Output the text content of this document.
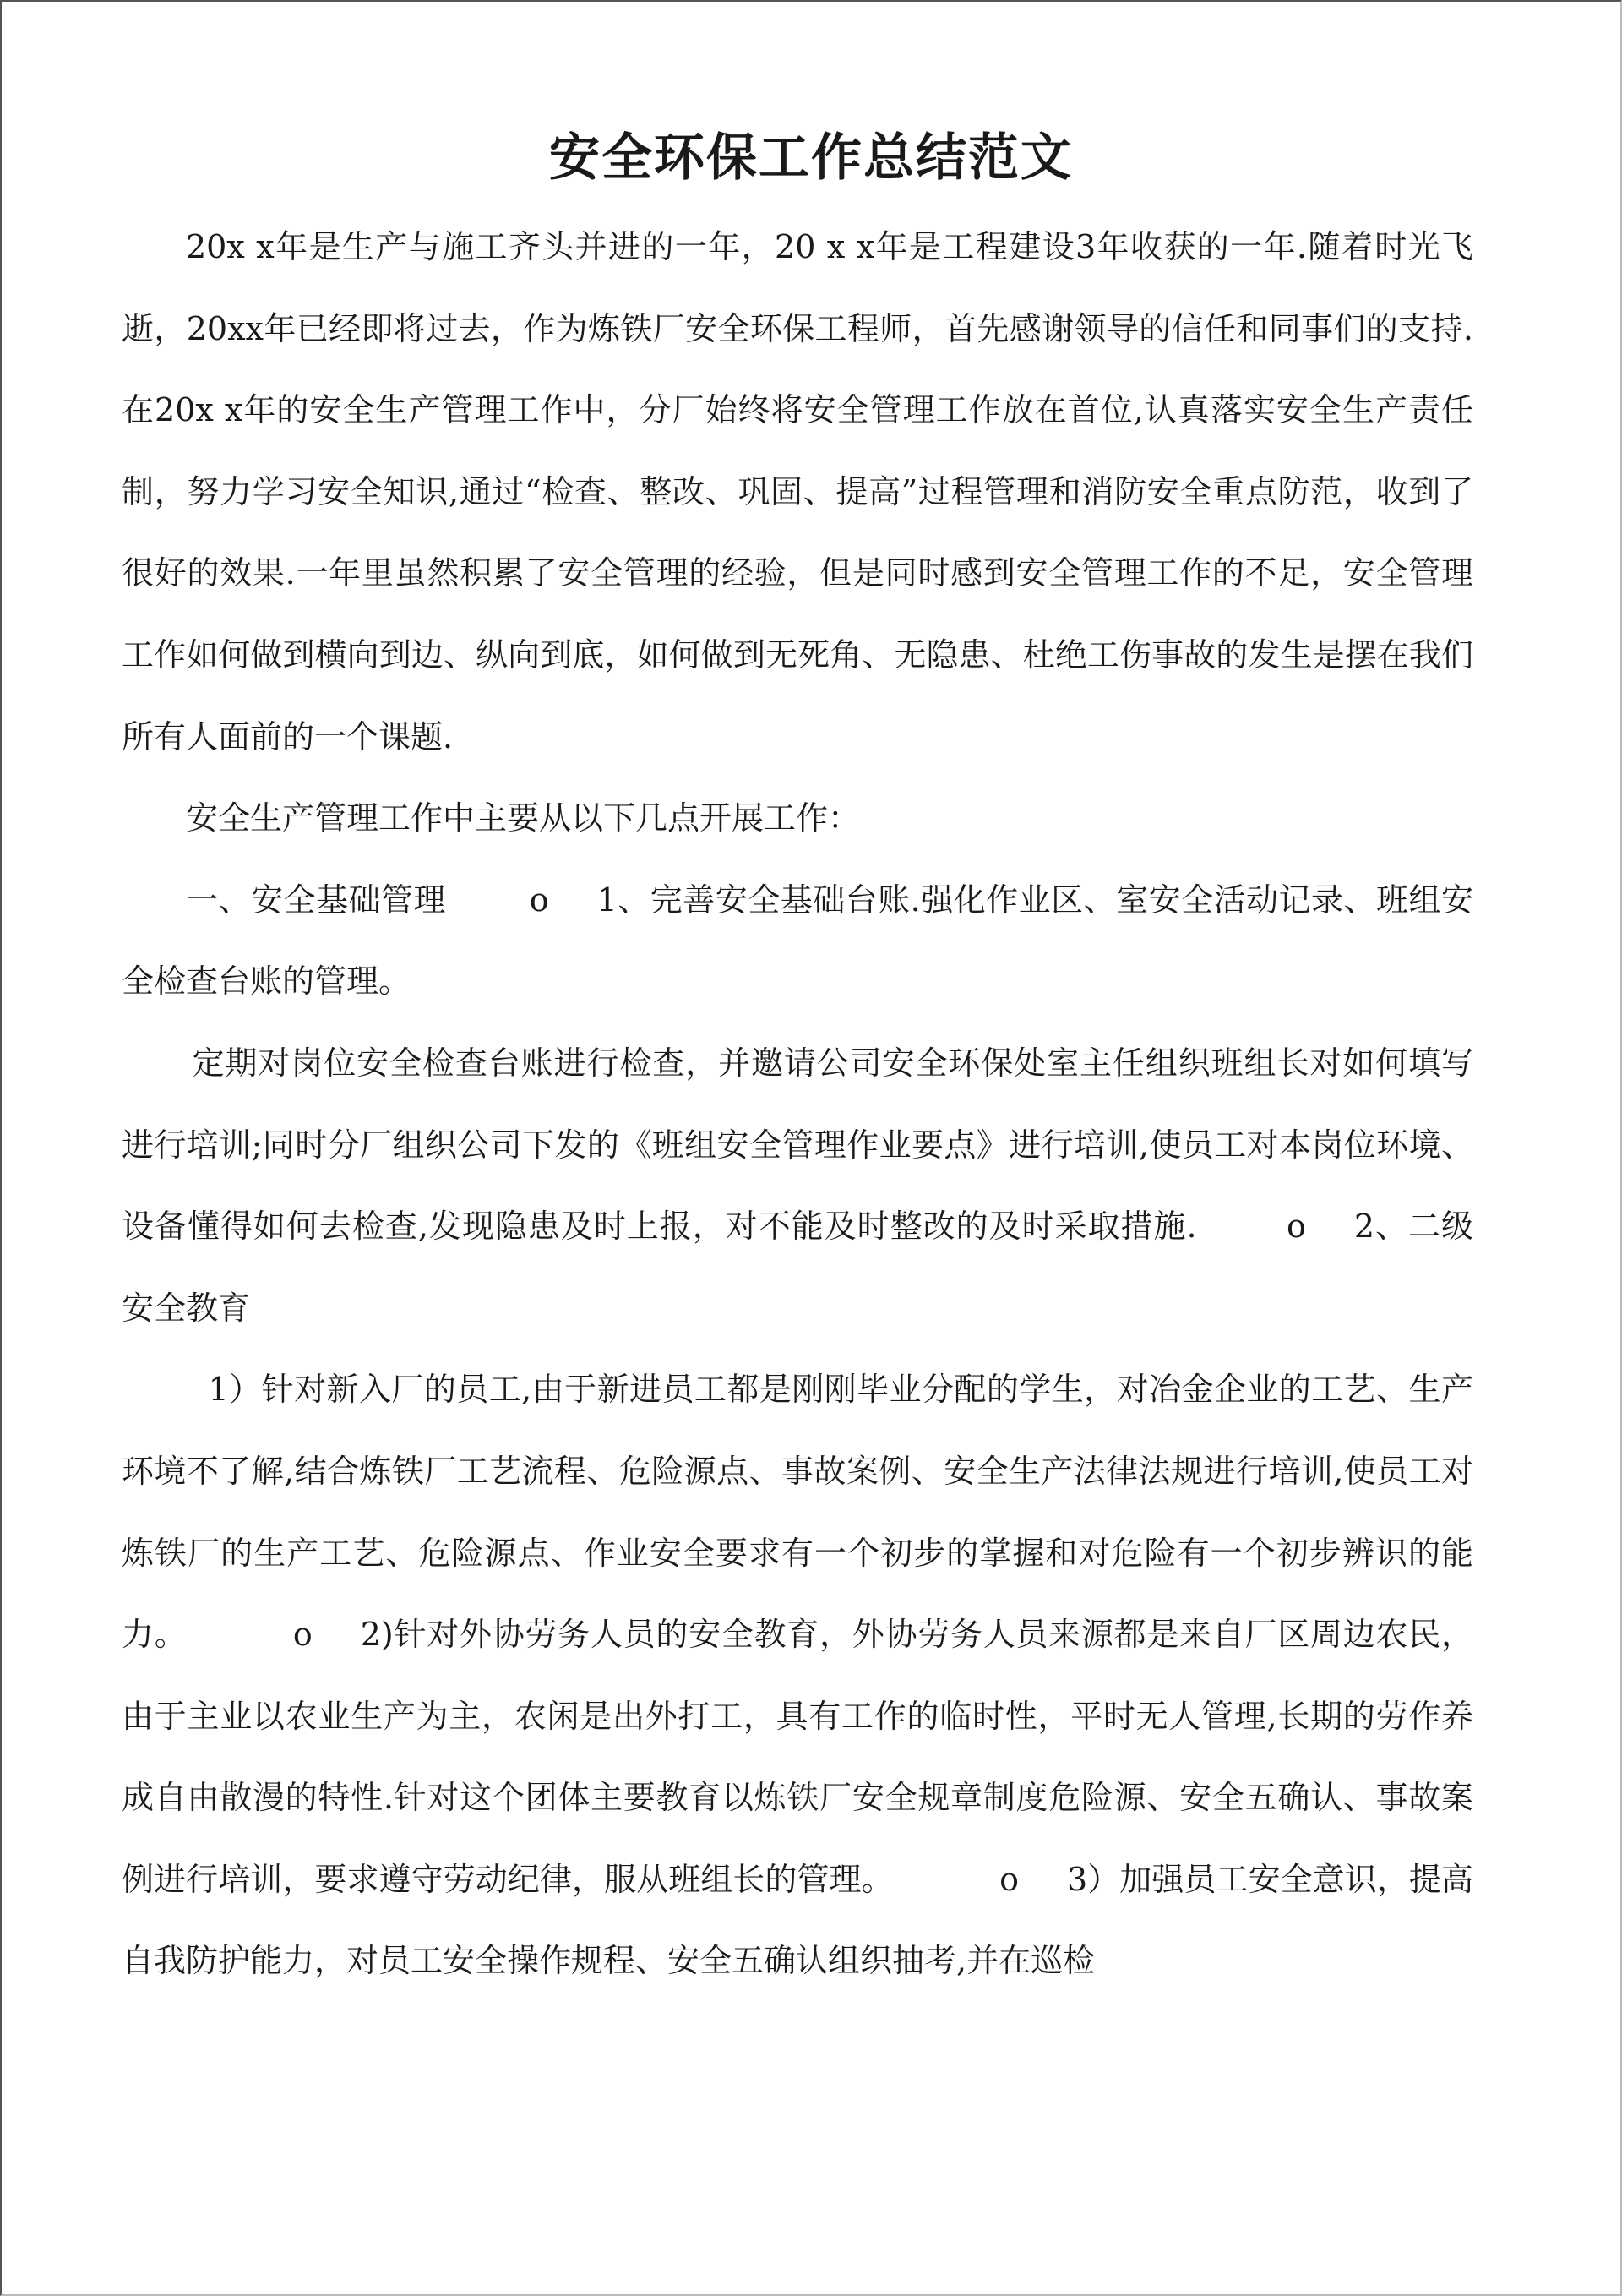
安全环保工作总结范文

20x x年是生产与施工齐头并进的一年，20 x x年是工程建设3年收获的一年.随着时光飞逝，20xx年已经即将过去，作为炼铁厂安全环保工程师，首先感谢领导的信任和同事们的支持.在20x x年的安全生产管理工作中，分厂始终将安全管理工作放在首位,认真落实安全生产责任制，努力学习安全知识,通过“检查、整改、巩固、提高”过程管理和消防安全重点防范，收到了很好的效果.一年里虽然积累了安全管理的经验，但是同时感到安全管理工作的不足，安全管理工作如何做到横向到边、纵向到底，如何做到无死角、无隐患、杜绝工伤事故的发生是摆在我们所有人面前的一个课题.

安全生产管理工作中主要从以下几点开展工作：

一、安全基础管理	o 1、完善安全基础台账.强化作业区、室安全活动记录、班组安全检查台账的管理。

定期对岗位安全检查台账进行检查，并邀请公司安全环保处室主任组织班组长对如何填写进行培训;同时分厂组织公司下发的《班组安全管理作业要点》进行培训,使员工对本岗位环境、设备懂得如何去检查,发现隐患及时上报，对不能及时整改的及时采取措施.	o 2、二级安全教育

1）针对新入厂的员工,由于新进员工都是刚刚毕业分配的学生，对冶金企业的工艺、生产环境不了解,结合炼铁厂工艺流程、危险源点、事故案例、安全生产法律法规进行培训,使员工对炼铁厂的生产工艺、危险源点、作业安全要求有一个初步的掌握和对危险有一个初步辨识的能力。	o 2)针对外协劳务人员的安全教育，外协劳务人员来源都是来自厂区周边农民，由于主业以农业生产为主，农闲是出外打工，具有工作的临时性，平时无人管理,长期的劳作养成自由散漫的特性.针对这个团体主要教育以炼铁厂安全规章制度危险源、安全五确认、事故案例进行培训，要求遵守劳动纪律，服从班组长的管理。	o 3）加强员工安全意识，提高自我防护能力，对员工安全操作规程、安全五确认组织抽考,并在巡检
